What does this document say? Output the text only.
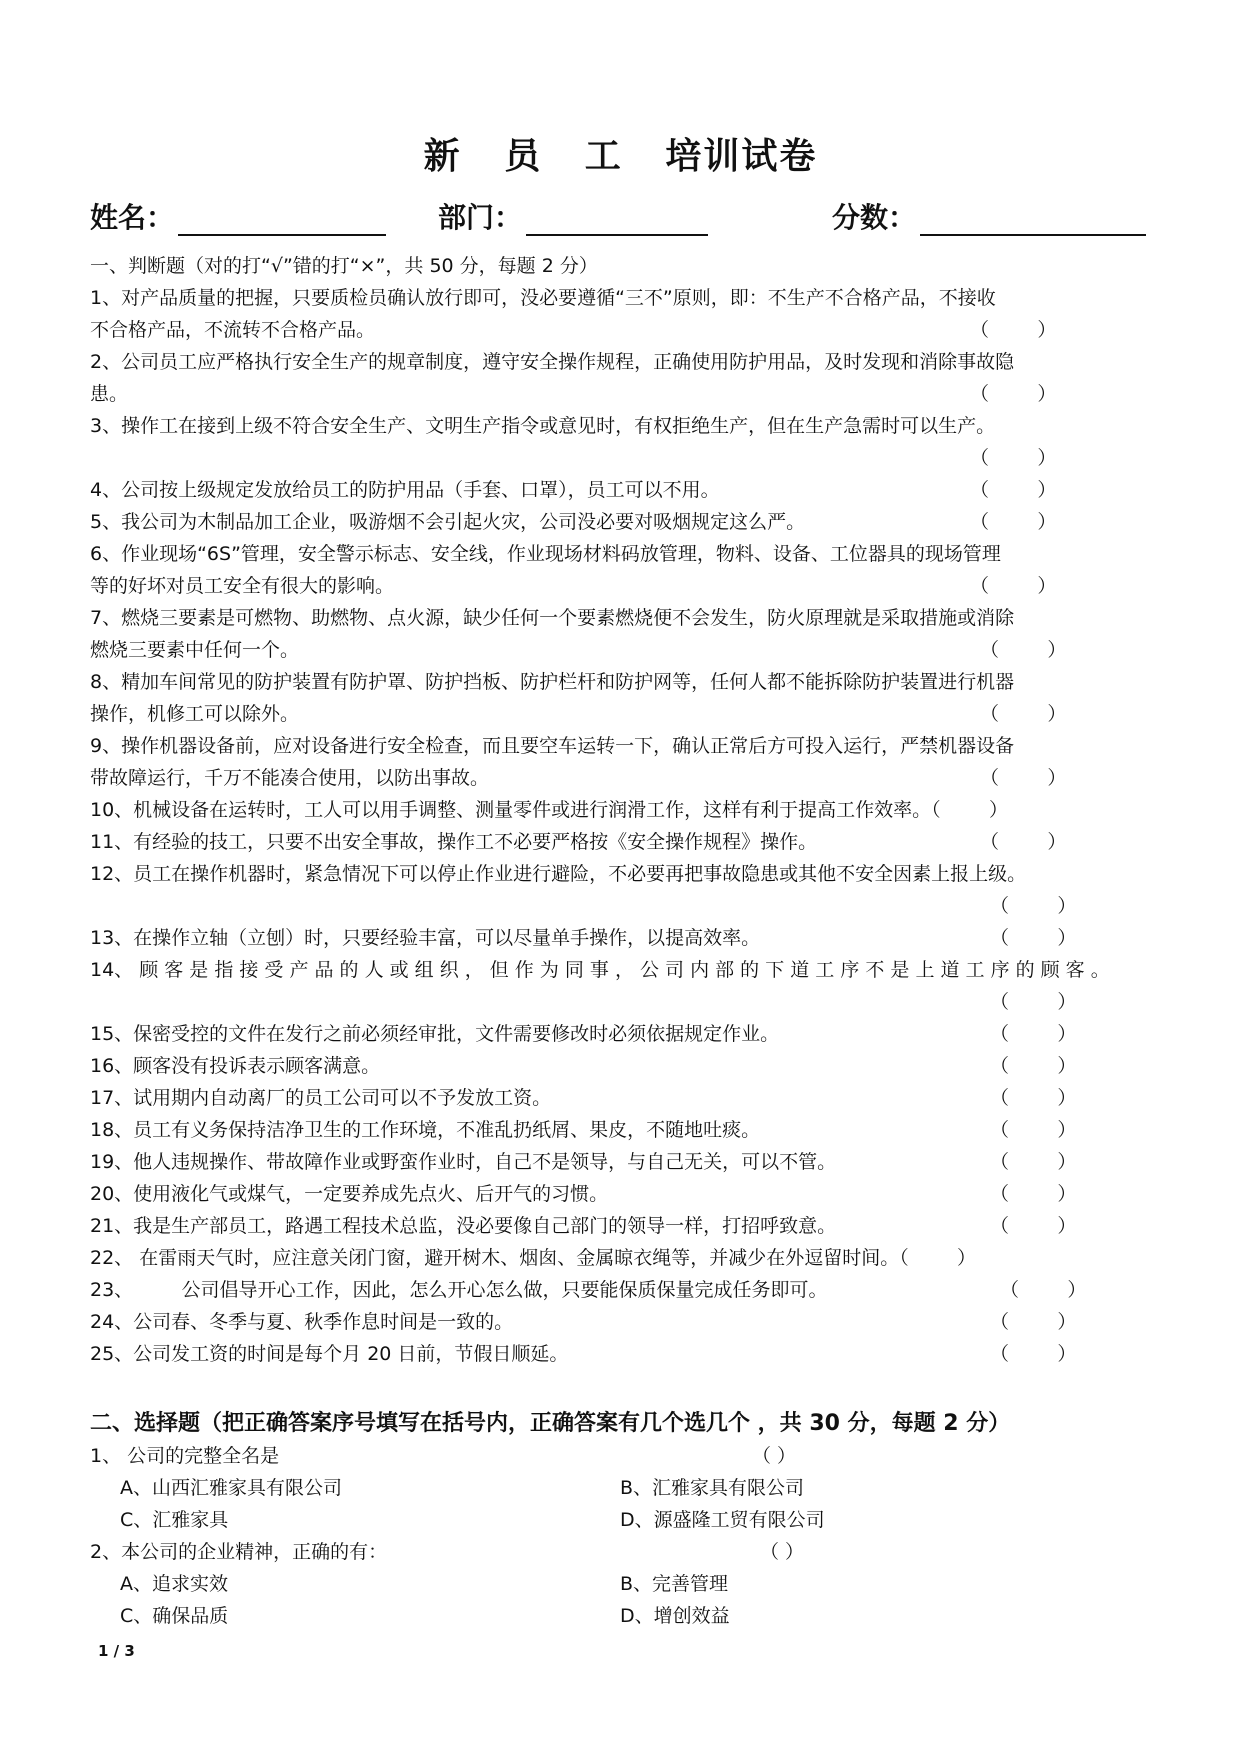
新 员 工 培训试卷
姓名：	部门：	分数：
一、判断题（对的打“√”错的打“×”，共 50 分，每题 2 分）
1、对产品质量的把握，只要质检员确认放行即可，没必要遵循“三不”原则，即：不生产不合格产品，不接收
不合格产品，不流转不合格产品。	（        ）
2、公司员工应严格执行安全生产的规章制度，遵守安全操作规程，正确使用防护用品，及时发现和消除事故隐
患。	（        ）
3、操作工在接到上级不符合安全生产、文明生产指令或意见时，有权拒绝生产，但在生产急需时可以生产。
（        ）
4、公司按上级规定发放给员工的防护用品（手套、口罩），员工可以不用。	（        ）
5、我公司为木制品加工企业，吸游烟不会引起火灾，公司没必要对吸烟规定这么严。	（        ）
6、作业现场“6S”管理，安全警示标志、安全线，作业现场材料码放管理，物料、设备、工位器具的现场管理
等的好坏对员工安全有很大的影响。	（        ）
7、燃烧三要素是可燃物、助燃物、点火源，缺少任何一个要素燃烧便不会发生，防火原理就是采取措施或消除
燃烧三要素中任何一个。	（        ）
8、精加车间常见的防护装置有防护罩、防护挡板、防护栏杆和防护网等，任何人都不能拆除防护装置进行机器
操作，机修工可以除外。	（        ）
9、操作机器设备前，应对设备进行安全检查，而且要空车运转一下，确认正常后方可投入运行，严禁机器设备
带故障运行，千万不能凑合使用，以防出事故。	（        ）
10、机械设备在运转时，工人可以用手调整、测量零件或进行润滑工作，这样有利于提高工作效率。（        ）
11、有经验的技工，只要不出安全事故，操作工不必要严格按《安全操作规程》操作。	（        ）
12、员工在操作机器时，紧急情况下可以停止作业进行避险，不必要再把事故隐患或其他不安全因素上报上级。
（        ）
13、在操作立轴（立刨）时，只要经验丰富，可以尽量单手操作，以提高效率。	（        ）
14、 顾 客 是 指 接 受 产 品 的 人 或 组 织 ， 但 作 为 同 事 ， 公 司 内 部 的 下 道 工 序 不 是 上 道 工 序 的 顾 客 。
（        ）
15、保密受控的文件在发行之前必须经审批，文件需要修改时必须依据规定作业。	（        ）
16、顾客没有投诉表示顾客满意。	（        ）
17、试用期内自动离厂的员工公司可以不予发放工资。	（        ）
18、员工有义务保持洁净卫生的工作环境，不准乱扔纸屑、果皮，不随地吐痰。	（        ）
19、他人违规操作、带故障作业或野蛮作业时，自己不是领导，与自己无关，可以不管。	（        ）
20、使用液化气或煤气，一定要养成先点火、后开气的习惯。	（        ）
21、我是生产部员工，路遇工程技术总监，没必要像自己部门的领导一样，打招呼致意。	（        ）
22、 在雷雨天气时，应注意关闭门窗，避开树木、烟囱、金属晾衣绳等，并减少在外逗留时间。（        ）
23、        公司倡导开心工作，因此，怎么开心怎么做，只要能保质保量完成任务即可。	（        ）
24、公司春、冬季与夏、秋季作息时间是一致的。	（        ）
25、公司发工资的时间是每个月 20 日前，节假日顺延。	（        ）
二、选择题（把正确答案序号填写在括号内，正确答案有几个选几个 ，共 30 分，每题 2 分）
1、 公司的完整全名是	（ ）
A、山西汇雅家具有限公司	B、汇雅家具有限公司
C、汇雅家具	D、源盛隆工贸有限公司
2、本公司的企业精神，正确的有：	（ ）
A、追求实效	B、完善管理
C、确保品质	D、增创效益
1 / 3
